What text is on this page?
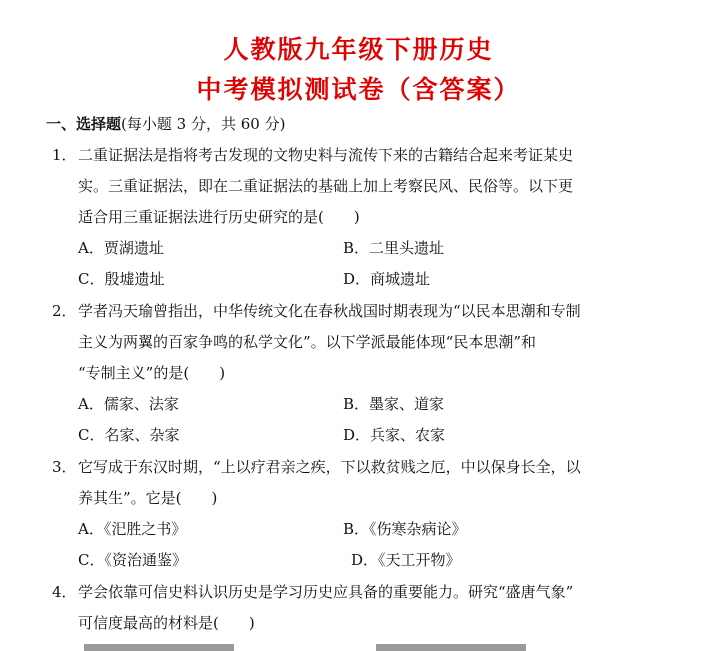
人教版九年级下册历史
中考模拟测试卷（含答案）
一、选择题(每小题 3 分，共 60 分)
1．二重证据法是指将考古发现的文物史料与流传下来的古籍结合起来考证某史
实。三重证据法，即在二重证据法的基础上加上考察民风、民俗等。以下更
适合用三重证据法进行历史研究的是(　　)
A．贾湖遗址	B．二里头遗址
C．殷墟遗址	D．商城遗址
2．学者冯天瑜曾指出，中华传统文化在春秋战国时期表现为“以民本思潮和专制
主义为两翼的百家争鸣的私学文化”。以下学派最能体现“民本思潮”和
“专制主义”的是(　　)
A．儒家、法家	B．墨家、道家
C．名家、杂家	D．兵家、农家
3．它写成于东汉时期，“上以疗君亲之疾，下以救贫贱之厄，中以保身长全，以
养其生”。它是(　　)
A．《汜胜之书》	B．《伤寒杂病论》
C．《资治通鉴》	D．《天工开物》
4．学会依靠可信史料认识历史是学习历史应具备的重要能力。研究“盛唐气象”
可信度最高的材料是(　　)
